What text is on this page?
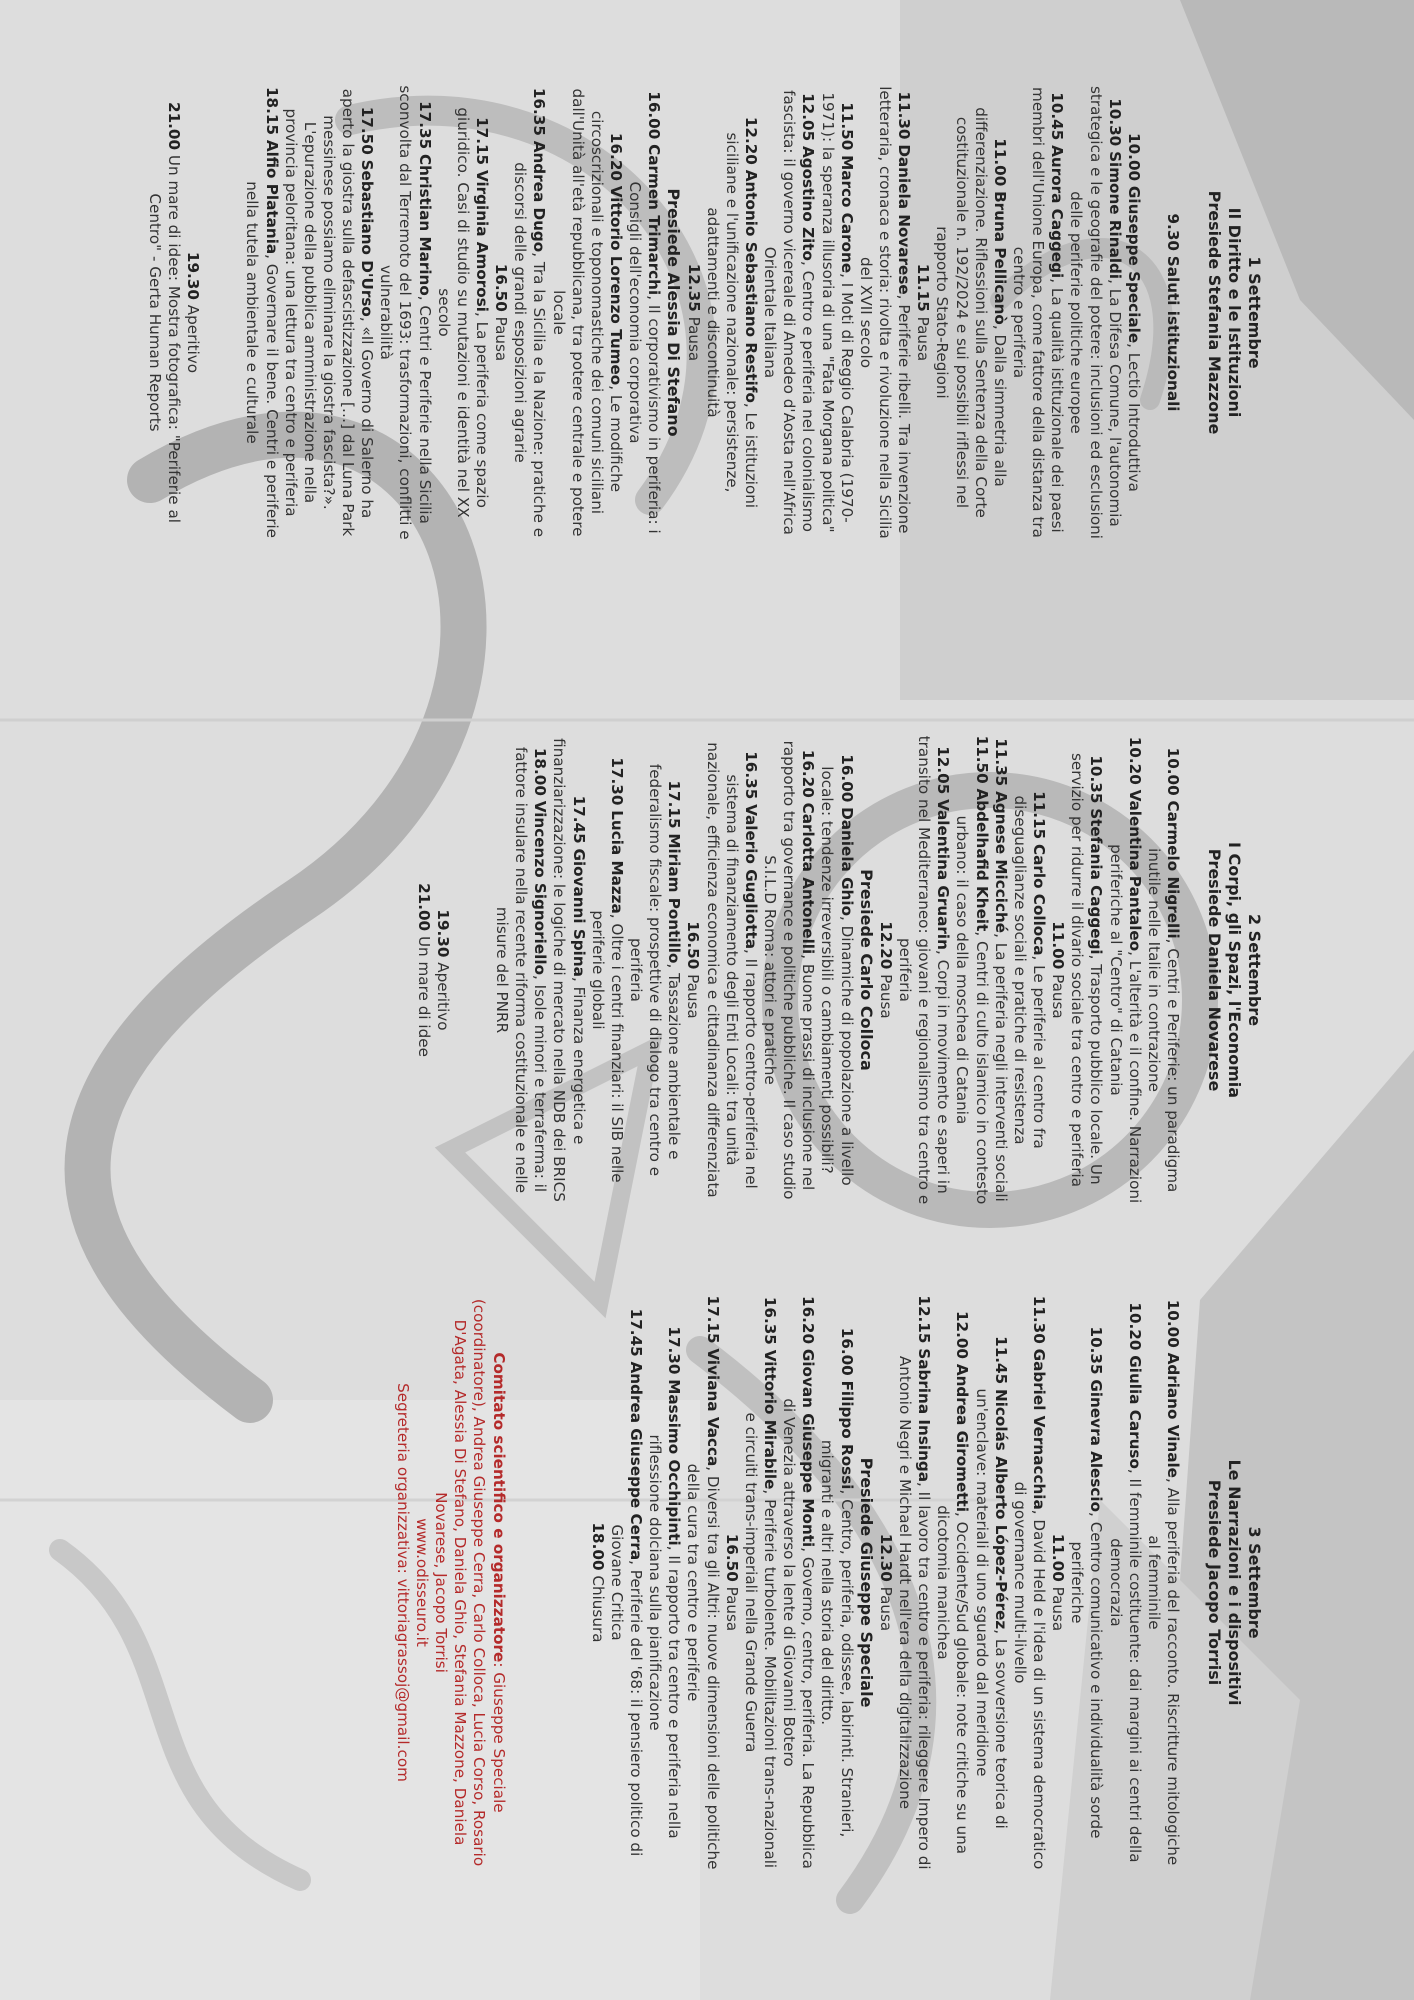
1 Settembre
Il Diritto e le Istituzioni
Presiede Stefania Mazzone

9.30 Saluti istituzionali

10.00 Giuseppe Speciale, Lectio Introduttiva

10.30 Simone Rinaldi, La Difesa Comune, l'autonomia strategica e le geografie del potere: inclusioni ed esclusioni delle periferie politiche europee

10.45 Aurora Caggegi, La qualità istituzionale dei paesi membri dell'Unione Europa, come fattore della distanza tra centro e periferia

11.00 Bruna Pellicanò, Dalla simmetria alla differenziazione. Riflessioni sulla Sentenza della Corte costituzionale n. 192/2024 e sui possibili riflessi nel rapporto Stato-Regioni

11.15 Pausa

11.30 Daniela Novarese, Periferie ribelli. Tra invenzione letteraria, cronaca e storia: rivolta e rivoluzione nella Sicilia del XVII secolo

11.50 Marco Carone, I Moti di Reggio Calabria (1970-1971): la speranza illusoria di una "Fata Morgana politica"

12.05 Agostino Zito, Centro e periferia nel colonialismo fascista: il governo vicereale di Amedeo d'Aosta nell'Africa Orientale Italiana

12.20 Antonio Sebastiano Restifo, Le istituzioni siciliane e l'unificazione nazionale: persistenze, adattamenti e discontinuità

12.35 Pausa

Presiede Alessia Di Stefano

16.00 Carmen Trimarchi, Il corporativismo in periferia: i Consigli dell'economia corporativa

16.20 Vittorio Lorenzo Tumeo, Le modifiche circoscrizionali e toponomastiche dei comuni siciliani dall'Unità all'età repubblicana, tra potere centrale e potere locale

16.35 Andrea Dugo, Tra la Sicilia e la Nazione: pratiche e discorsi delle grandi esposizioni agrarie

16.50 Pausa

17.15 Virginia Amorosi, La periferia come spazio giuridico. Casi di studio su mutazioni e identità nel XX secolo

17.35 Christian Marino, Centri e Periferie nella Sicilia sconvolta dal Terremoto del 1693: trasformazioni, conflitti e vulnerabilità

17.50 Sebastiano D'Urso, «Il Governo di Salerno ha aperto la giostra sulla defascistizzazione […] dal Luna Park messinese possiamo eliminare la giostra fascista?». L'epurazione della pubblica amministrazione nella provincia peloritana: una lettura tra centro e periferia

18.15 Alfio Platania, Governare il bene. Centri e periferie nella tutela ambientale e culturale

19.30 Aperitivo

21.00 Un mare di idee: Mostra fotografica: "Periferie al Centro" - Gerta Human Reports

2 Settembre
I Corpi, gli Spazi, l'Economia
Presiede Daniela Novarese

10.00 Carmelo Nigrelli, Centri e Periferie: un paradigma inutile nelle Italie in contrazione

10.20 Valentina Pantaleo, L'alterità e il confine. Narrazioni periferiche al "Centro" di Catania

10.35 Stefania Caggegi, Trasporto pubblico locale. Un servizio per ridurre il divario sociale tra centro e periferia

11.00 Pausa

11.15 Carlo Colloca, Le periferie al centro fra diseguaglianze sociali e pratiche di resistenza

11.35 Agnese Micciché, La periferia negli interventi sociali

11.50 Abdelhafid Kheit, Centri di culto islamico in contesto urbano: il caso della moschea di Catania

12.05 Valentina Gruarin, Corpi in movimento e saperi in transito nel Mediterraneo: giovani e regionalismo tra centro e periferia

12.20 Pausa

Presiede Carlo Colloca

16.00 Daniela Ghio, Dinamiche di popolazione a livello locale: tendenze irreversibili o cambiamenti possibili?

16.20 Carlotta Antonelli, Buone prassi di inclusione nel rapporto tra governance e politiche pubbliche. Il caso studio S.I.L.D Roma: attori e pratiche

16.35 Valerio Gugliotta, Il rapporto centro-periferia nel sistema di finanziamento degli Enti Locali: tra unità nazionale, efficienza economica e cittadinanza differenziata

16.50 Pausa

17.15 Miriam Pontillo, Tassazione ambientale e federalismo fiscale: prospettive di dialogo tra centro e periferia

17.30 Lucia Mazza, Oltre i centri finanziari: il SIB nelle periferie globali

17.45 Giovanni Spina, Finanza energetica e finanziarizzazione: le logiche di mercato nella NDB dei BRICS

18.00 Vincenzo Signoriello, Isole minori e terraferma: il fattore insulare nella recente riforma costituzionale e nelle misure del PNRR

19.30 Aperitivo

21.00 Un mare di idee

3 Settembre
Le Narrazioni e i dispositivi
Presiede Jacopo Torrisi

10.00 Adriano Vinale, Alla periferia del racconto. Riscritture mitologiche al femminile

10.20 Giulia Caruso, Il femminile costituente: dai margini ai centri della democrazia

10.35 Ginevra Alescio, Centro comunicativo e individualità sorde periferiche

11.00 Pausa

11.30 Gabriel Vernacchia, David Held e l'idea di un sistema democratico di governance multi-livello

11.45 Nicolás Alberto López-Pérez, La sovversione teorica di un'enclave: materiali di uno sguardo dal meridione

12.00 Andrea Girometti, Occidente/Sud globale: note critiche su una dicotomia manichea

12.15 Sabrina Insinga, Il lavoro tra centro e periferia: rileggere Impero di Antonio Negri e Michael Hardt nell'era della digitalizzazione

12.30 Pausa

Presiede Giuseppe Speciale

16.00 Filippo Rossi, Centro, periferia, odissee, labirinti. Stranieri, migranti e altri nella storia del diritto.

16.20 Giovan Giuseppe Monti, Governo, centro, periferia. La Repubblica di Venezia attraverso la lente di Giovanni Botero

16.35 Vittorio Mirabile, Periferie turbolente. Mobilitazioni trans-nazionali e circuiti trans-imperiali nella Grande Guerra

16.50 Pausa

17.15 Viviana Vacca, Diversi tra gli Altri: nuove dimensioni delle politiche della cura tra centro e periferie

17.30 Massimo Occhipinti, Il rapporto tra centro e periferia nella riflessione dolciana sulla pianificazione

17.45 Andrea Giuseppe Cerra, Periferie del '68: il pensiero politico di Giovane Critica

18.00 Chiusura

Comitato scientifico e organizzatore: Giuseppe Speciale (coordinatore), Andrea Giuseppe Cerra, Carlo Colloca, Lucia Corso, Rosario D'Agata, Alessia Di Stefano, Daniela Ghio, Stefania Mazzone, Daniela Novarese, Jacopo Torrisi

www.odisseuro.it

Segreteria organizzativa: vittoriagrassoj@gmail.com
